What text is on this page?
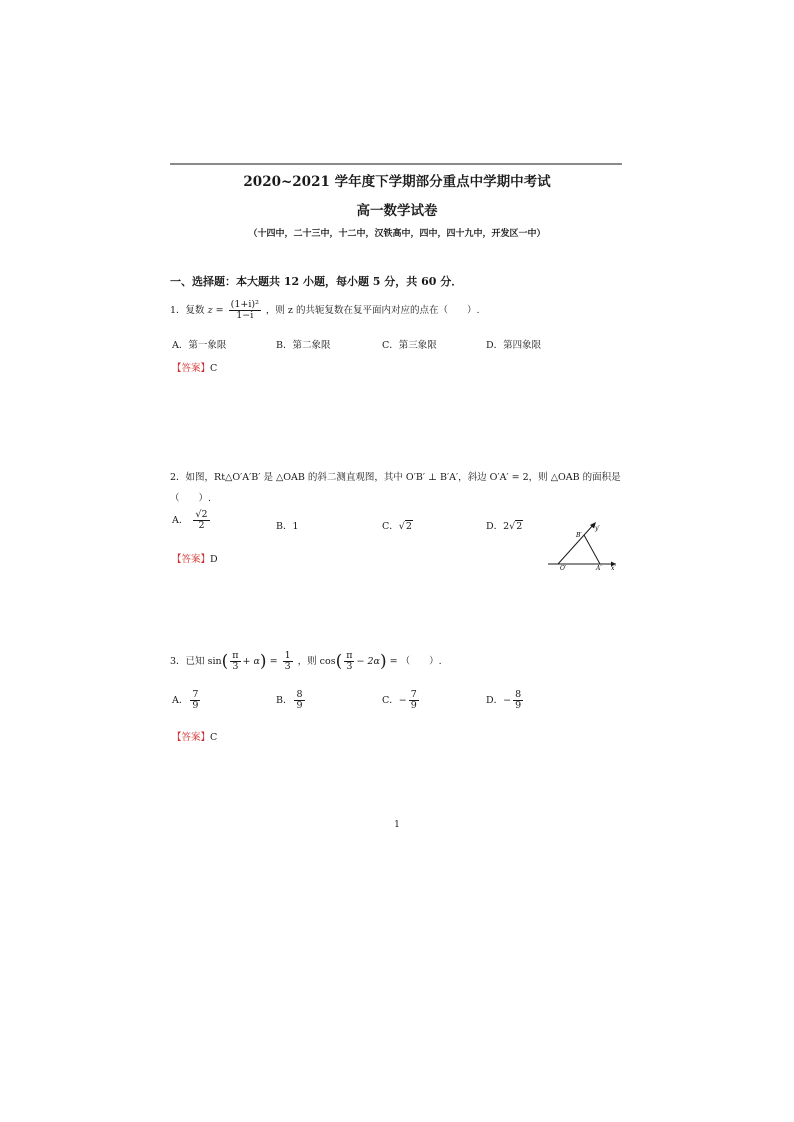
2020~2021 学年度下学期部分重点中学期中考试
高一数学试卷
（十四中，二十三中，十二中，汉铁高中，四中，四十九中，开发区一中）
一、选择题：本大题共 12 小题，每小题 5 分，共 60 分．
1．复数 $z = \frac{\text{(1+i)²}}{1-i}$ ，则 z 的共轭复数在复平面内对应的点在（　　）.
A．第一象限	B．第二象限	C．第三象限	D．第四象限
【答案】C
2．如图，Rt△O′A′B′ 是 △OAB 的斜二测直观图，其中 O′B′ ⊥ B′A′，斜边 O′A′ = 2，则 △OAB 的面积是
（　　）.
A． $\frac{√2}{2}$	B．1	C．√2	D．2√2
【答案】D
B′
y′
O′	A′ x′
3．已知 $\sin( \frac{\pi}{3} + \alpha) = \frac{1}{3}$ ，则 $\cos( \frac{\pi}{3} - 2\alpha)$ = （　　）.
A． $\frac{7}{9}$	B． $\frac{8}{9}$	C．− $\frac{7}{9}$	D．− $\frac{8}{9}$
【答案】C
1
